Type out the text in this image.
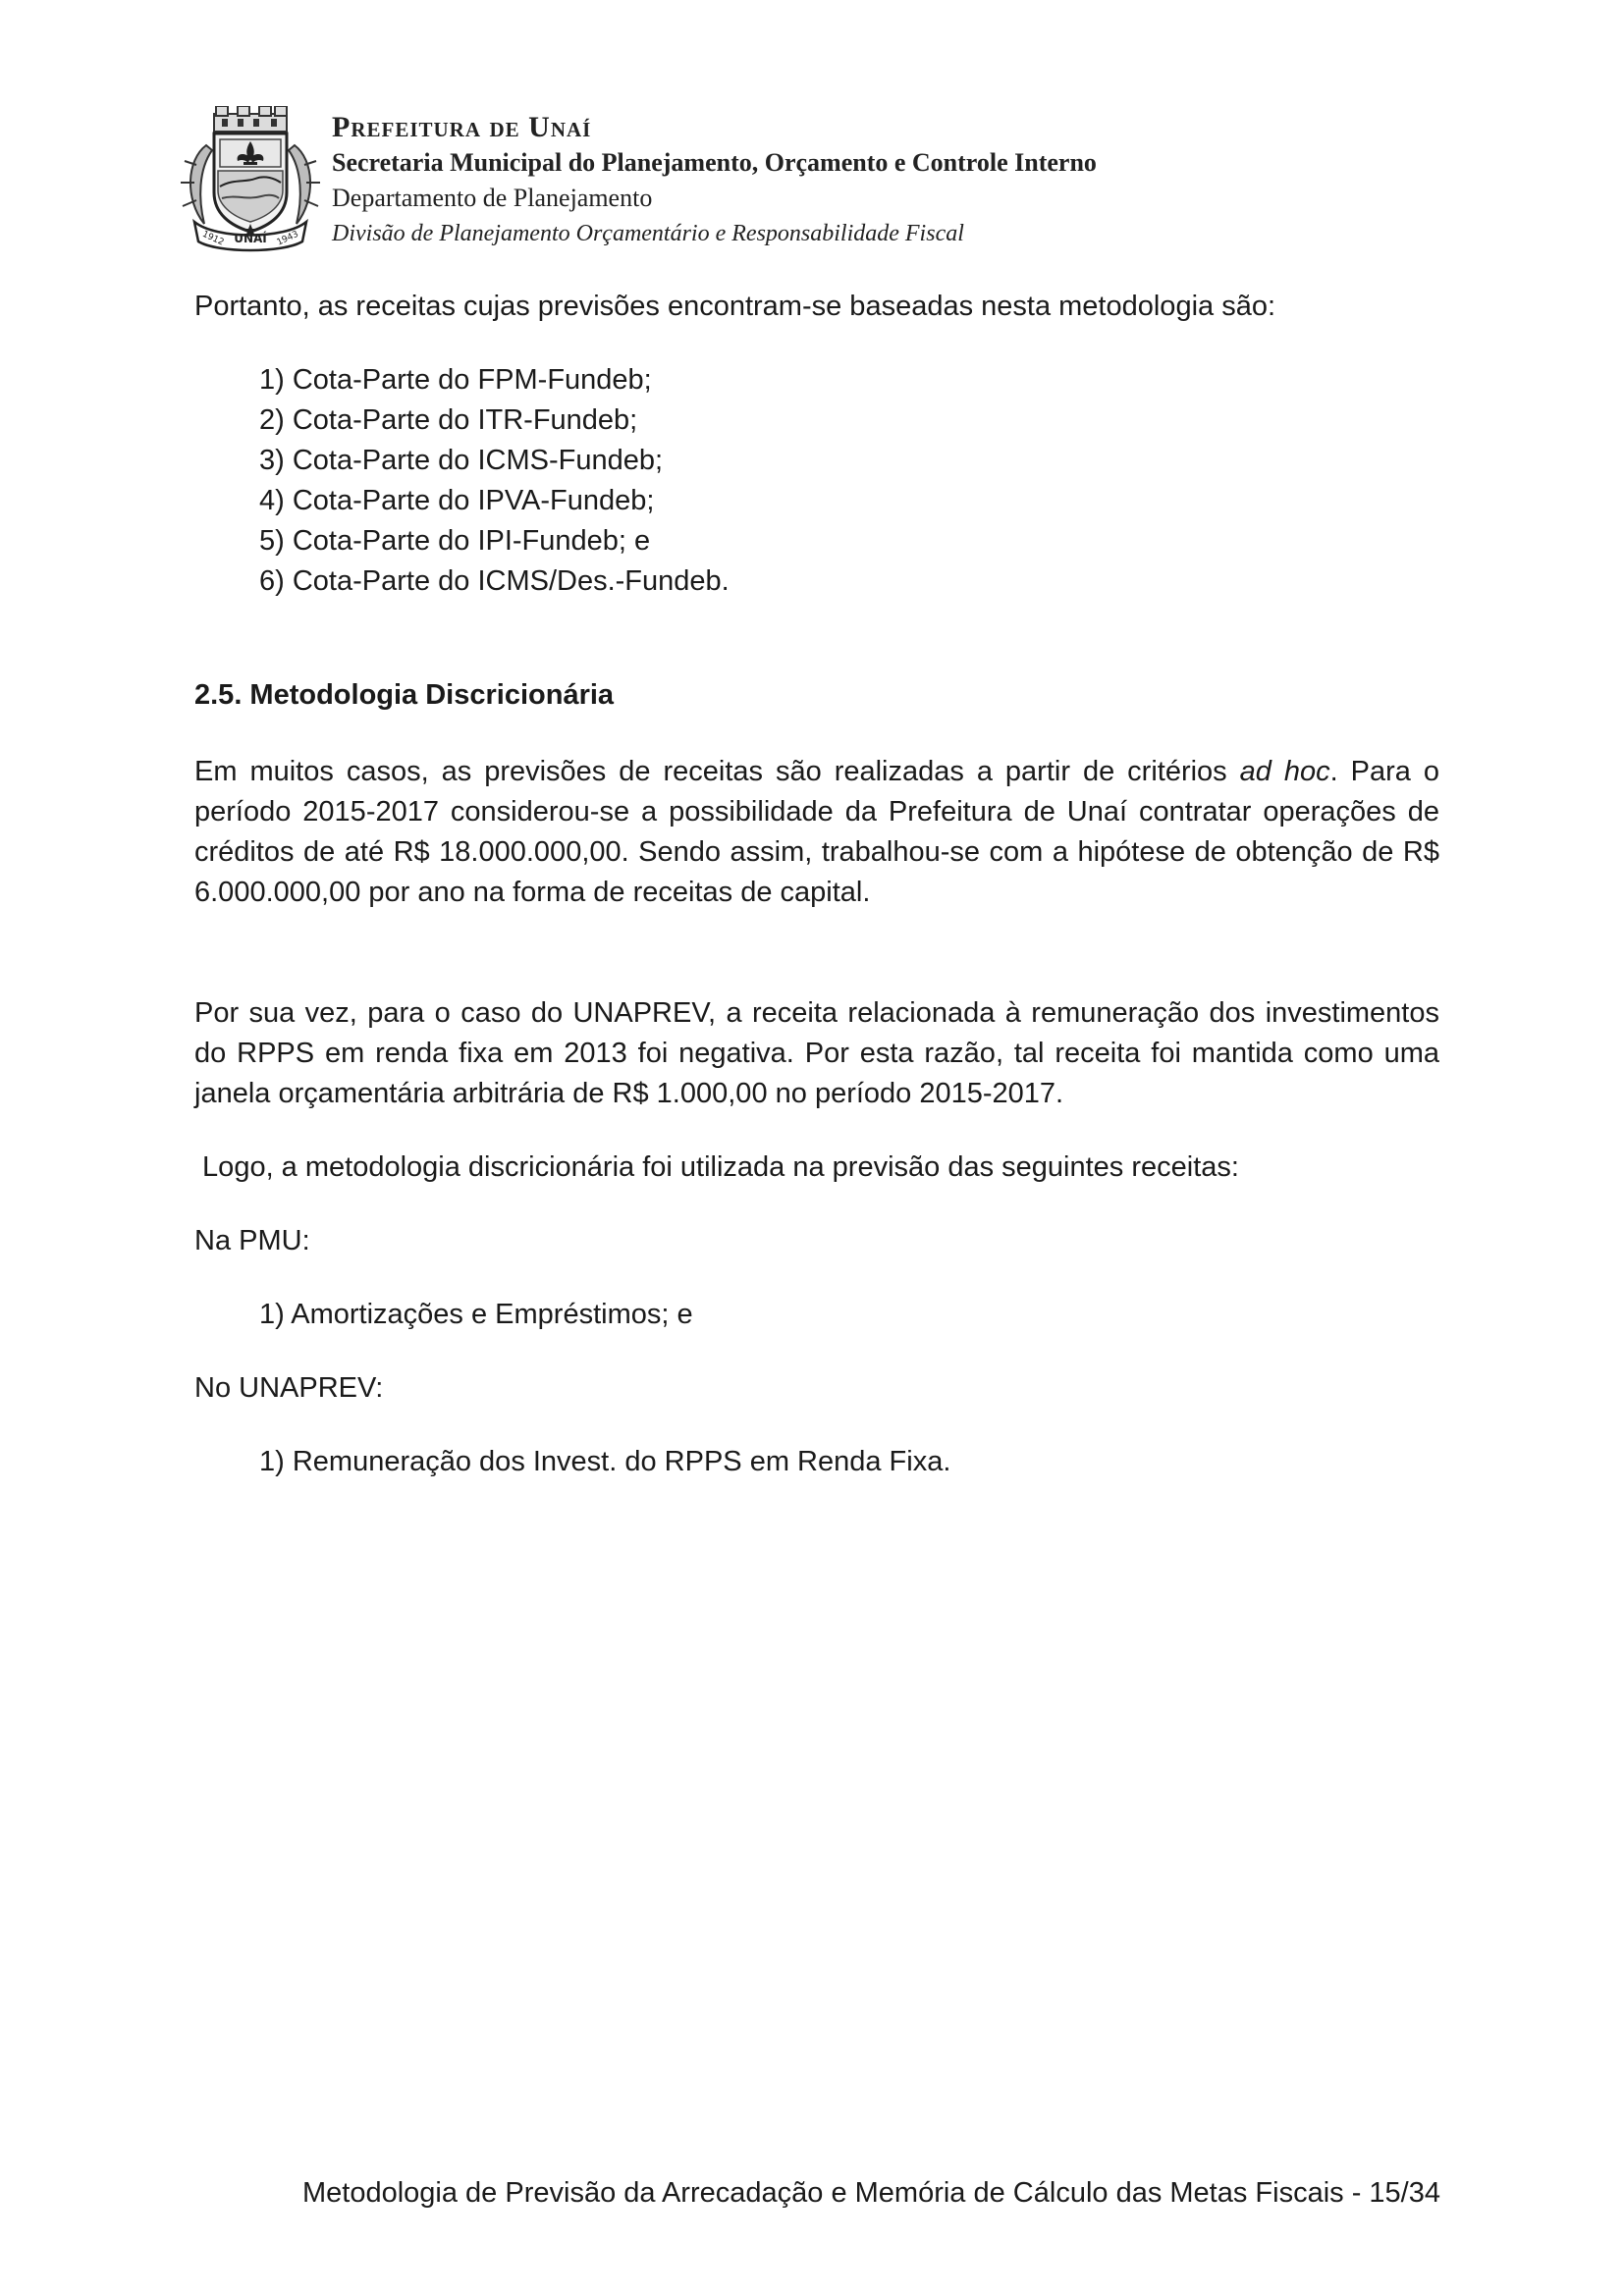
UNAÍ
1912	1943
Prefeitura de Unaí
Secretaria Municipal do Planejamento, Orçamento e Controle Interno
Departamento de Planejamento
Divisão de Planejamento Orçamentário e Responsabilidade Fiscal

Portanto, as receitas cujas previsões encontram-se baseadas nesta metodologia são:

1) Cota-Parte do FPM-Fundeb;
2) Cota-Parte do ITR-Fundeb;
3) Cota-Parte do ICMS-Fundeb;
4) Cota-Parte do IPVA-Fundeb;
5) Cota-Parte do IPI-Fundeb; e
6) Cota-Parte do ICMS/Des.-Fundeb.

2.5. Metodologia Discricionária

Em muitos casos, as previsões de receitas são realizadas a partir de critérios ad hoc. Para o período 2015-2017 considerou-se a possibilidade da Prefeitura de Unaí contratar operações de créditos de até R$ 18.000.000,00. Sendo assim, trabalhou-se com a hipótese de obtenção de R$ 6.000.000,00 por ano na forma de receitas de capital.

Por sua vez, para o caso do UNAPREV, a receita relacionada à remuneração dos investimentos do RPPS em renda fixa em 2013 foi negativa. Por esta razão, tal receita foi mantida como uma janela orçamentária arbitrária de R$ 1.000,00 no período 2015-2017.

Logo, a metodologia discricionária foi utilizada na previsão das seguintes receitas:

Na PMU:

1) Amortizações e Empréstimos; e

No UNAPREV:

1) Remuneração dos Invest. do RPPS em Renda Fixa.
Metodologia de Previsão da Arrecadação e Memória de Cálculo das Metas Fiscais - 15/34
